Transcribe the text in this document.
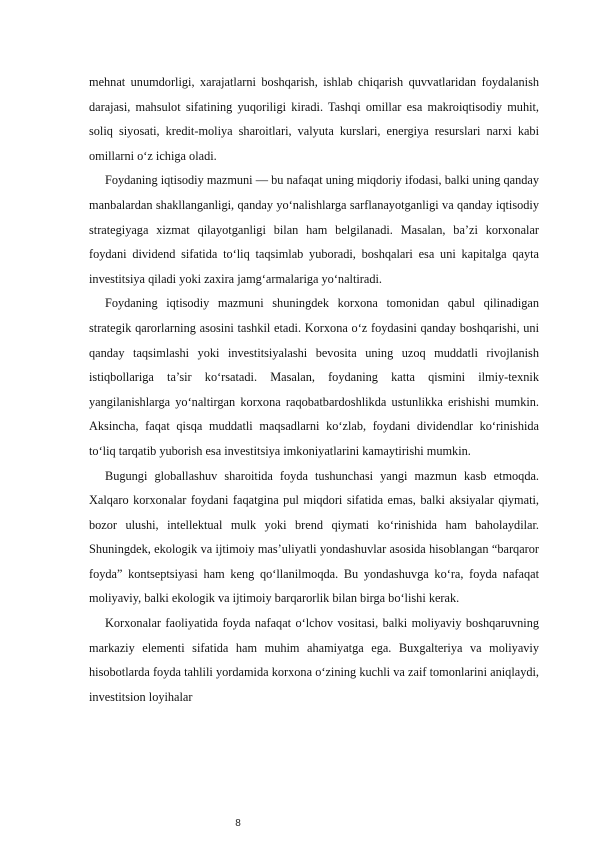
mehnat unumdorligi, xarajatlarni boshqarish, ishlab chiqarish quvvatlaridan foydalanish darajasi, mahsulot sifatining yuqoriligi kiradi. Tashqi omillar esa makroiqtisodiy muhit, soliq siyosati, kredit-moliya sharoitlari, valyuta kurslari, energiya resurslari narxi kabi omillarni o‘z ichiga oladi.

Foydaning iqtisodiy mazmuni — bu nafaqat uning miqdoriy ifodasi, balki uning qanday manbalardan shakllanganligi, qanday yo‘nalishlarga sarflanayotganligi va qanday iqtisodiy strategiyaga xizmat qilayotganligi bilan ham belgilanadi. Masalan, ba’zi korxonalar foydani dividend sifatida to‘liq taqsimlab yuboradi, boshqalari esa uni kapitalga qayta investitsiya qiladi yoki zaxira jamg‘armalariga yo‘naltiradi.

Foydaning iqtisodiy mazmuni shuningdek korxona tomonidan qabul qilinadigan strategik qarorlarning asosini tashkil etadi. Korxona o‘z foydasini qanday boshqarishi, uni qanday taqsimlashi yoki investitsiyalashi bevosita uning uzoq muddatli rivojlanish istiqbollariga ta’sir ko‘rsatadi. Masalan, foydaning katta qismini ilmiy-texnik yangilanishlarga yo‘naltirgan korxona raqobatbardoshlikda ustunlikka erishishi mumkin. Aksincha, faqat qisqa muddatli maqsadlarni ko‘zlab, foydani dividendlar ko‘rinishida to‘liq tarqatib yuborish esa investitsiya imkoniyatlarini kamaytirishi mumkin.

Bugungi globallashuv sharoitida foyda tushunchasi yangi mazmun kasb etmoqda. Xalqaro korxonalar foydani faqatgina pul miqdori sifatida emas, balki aksiyalar qiymati, bozor ulushi, intellektual mulk yoki brend qiymati ko‘rinishida ham baholaydilar. Shuningdek, ekologik va ijtimoiy mas’uliyatli yondashuvlar asosida hisoblangan “barqaror foyda” kontseptsiyasi ham keng qo‘llanilmoqda. Bu yondashuvga ko‘ra, foyda nafaqat moliyaviy, balki ekologik va ijtimoiy barqarorlik bilan birga bo‘lishi kerak.

Korxonalar faoliyatida foyda nafaqat o‘lchov vositasi, balki moliyaviy boshqaruvning markaziy elementi sifatida ham muhim ahamiyatga ega. Buxgalteriya va moliyaviy hisobotlarda foyda tahlili yordamida korxona o‘zining kuchli va zaif tomonlarini aniqlaydi, investitsion loyihalar

8
